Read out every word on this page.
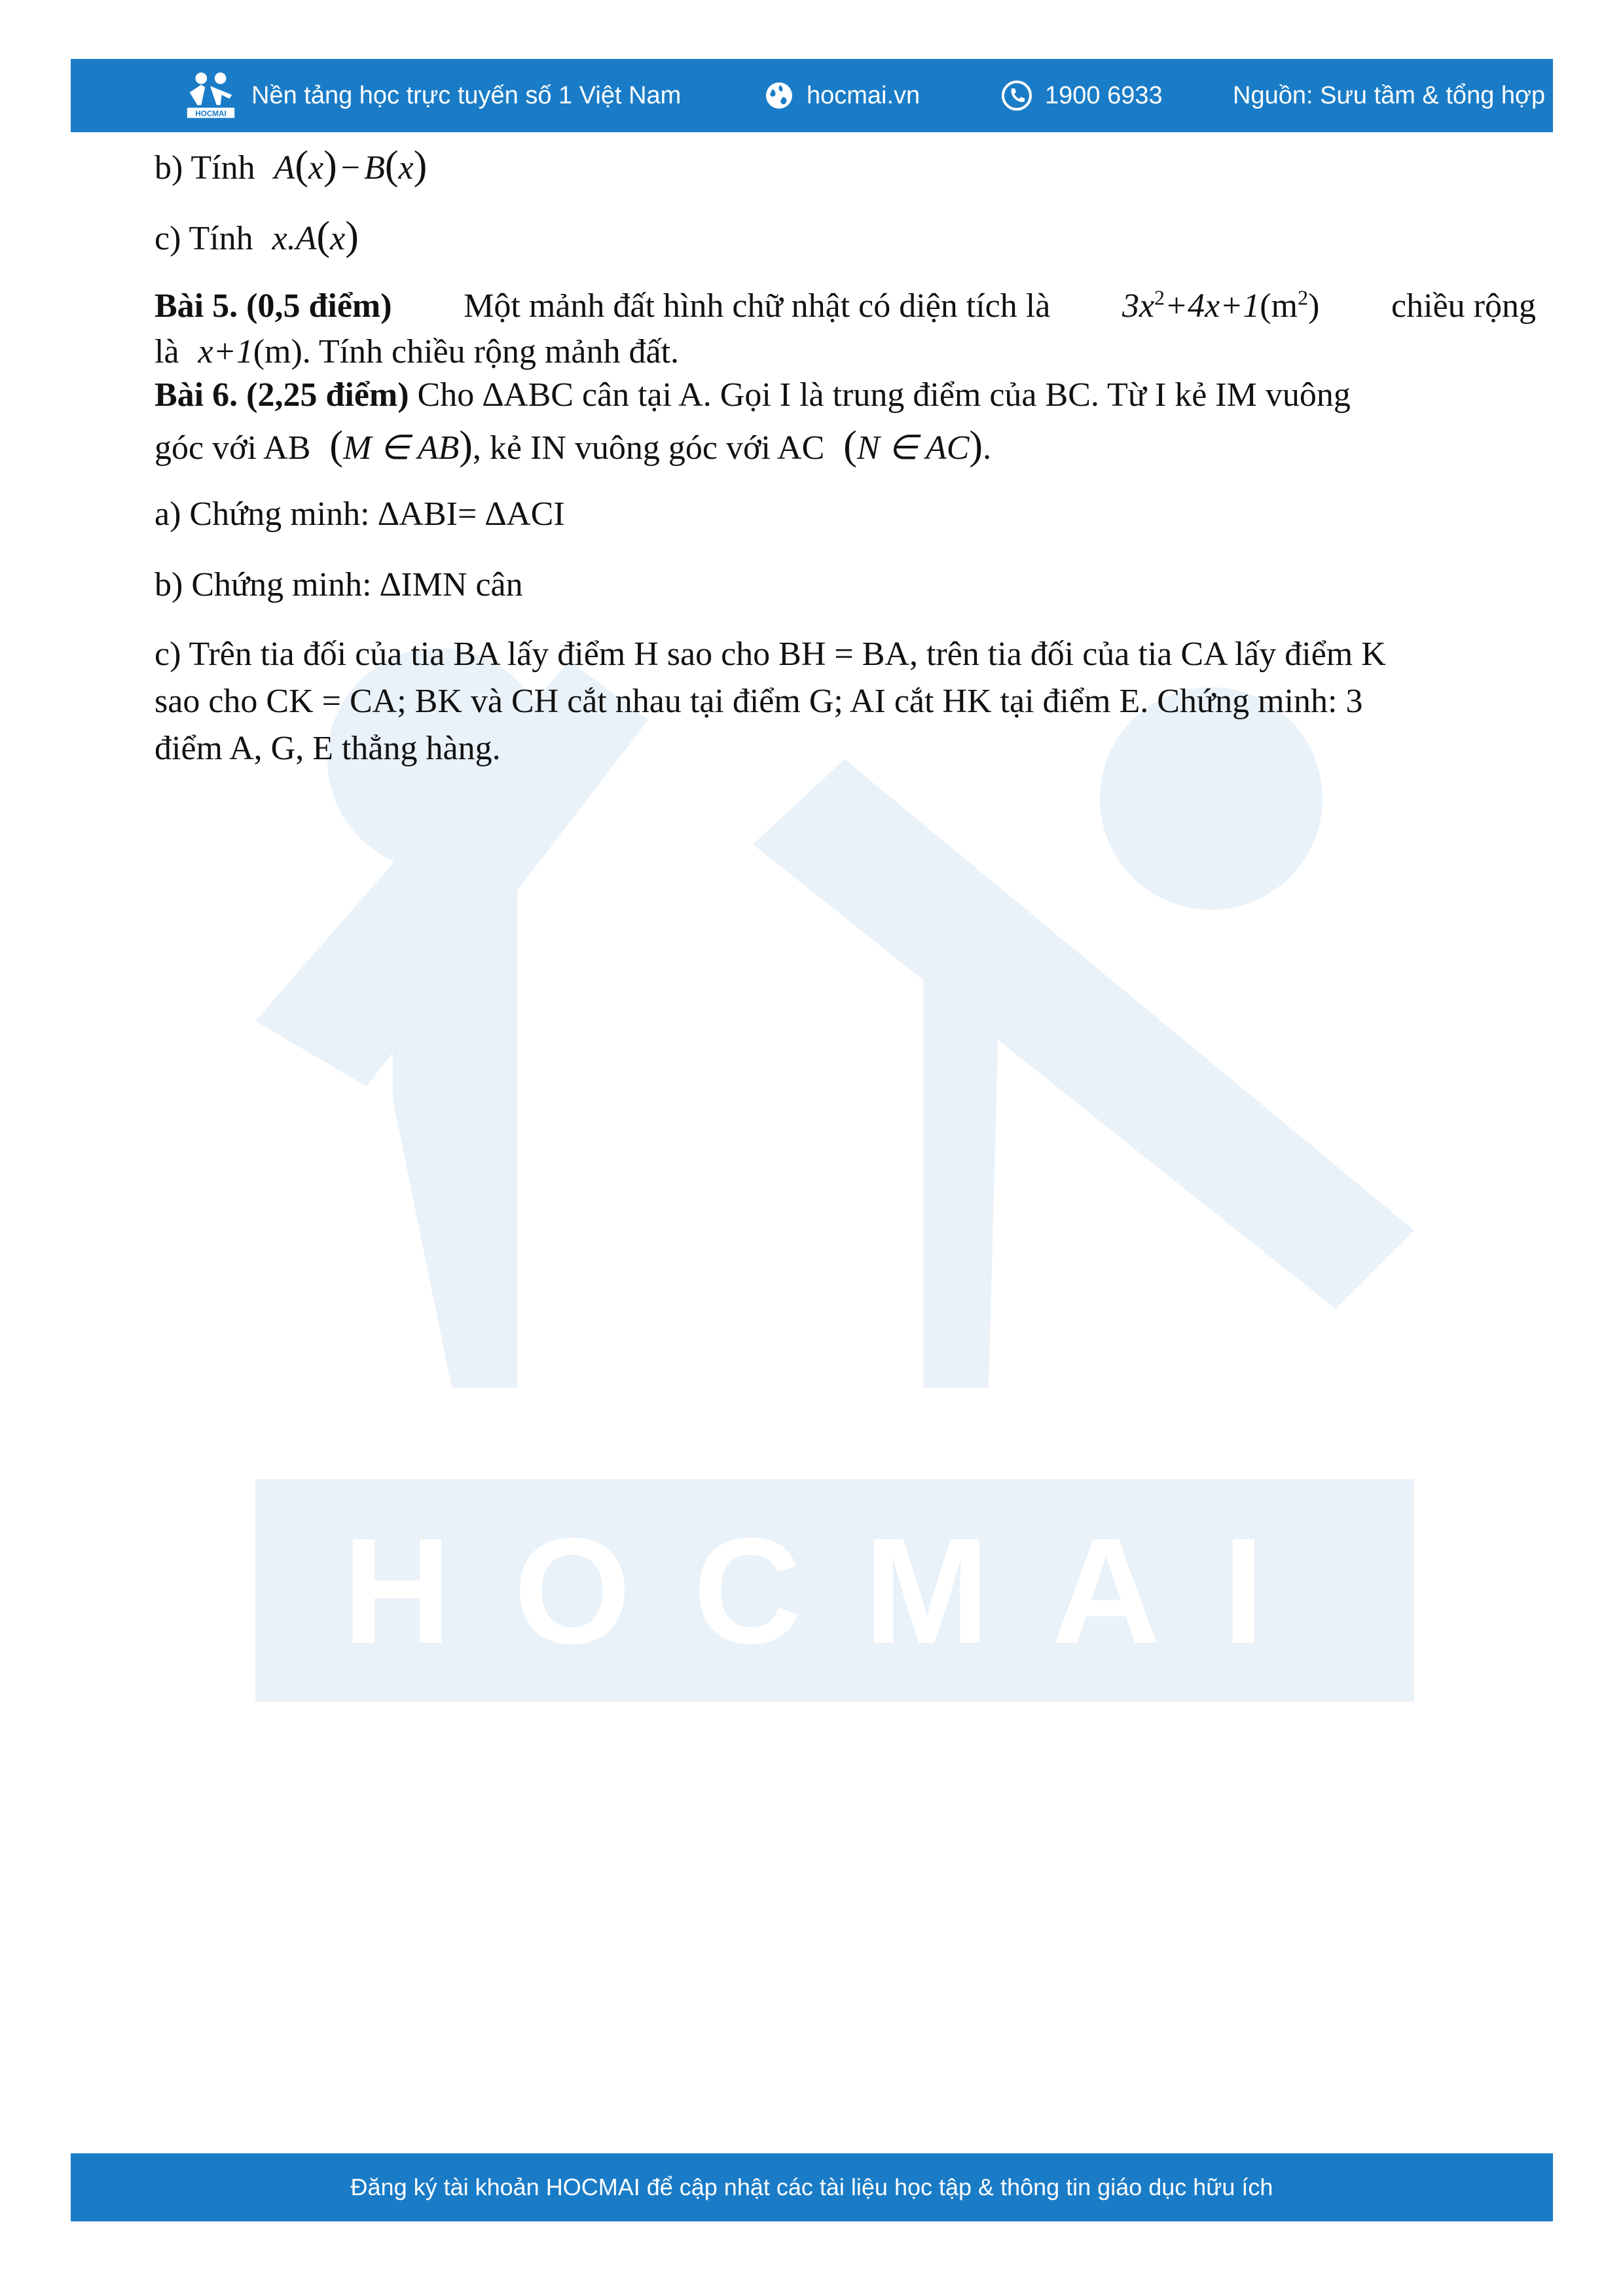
HOCMAI
HOCMAI
Nền tảng học trực tuyến số 1 Việt Nam	hocmai.vn	1900 6933	Nguồn: Sưu tầm & tổng hợp
b) Tính A(x) − B(x)
c) Tính x.A(x)
Bài 5. (0,5 điểm) Một mảnh đất hình chữ nhật có diện tích là $3x^2+4x+1(m^2)$ chiều rộng
là x+1(m). Tính chiều rộng mảnh đất.
Bài 6. (2,25 điểm) Cho ∆ABC cân tại A. Gọi I là trung điểm của BC. Từ I kẻ IM vuông
góc với AB (M ∈ AB), kẻ IN vuông góc với AC (N ∈ AC).
a) Chứng minh: ∆ABI= ∆ACI
b) Chứng minh: ∆IMN cân
c) Trên tia đối của tia BA lấy điểm H sao cho BH = BA, trên tia đối của tia CA lấy điểm K
sao cho CK = CA; BK và CH cắt nhau tại điểm G; AI cắt HK tại điểm E. Chứng minh: 3
điểm A, G, E thẳng hàng.
Đăng ký tài khoản HOCMAI để cập nhật các tài liệu học tập & thông tin giáo dục hữu ích
